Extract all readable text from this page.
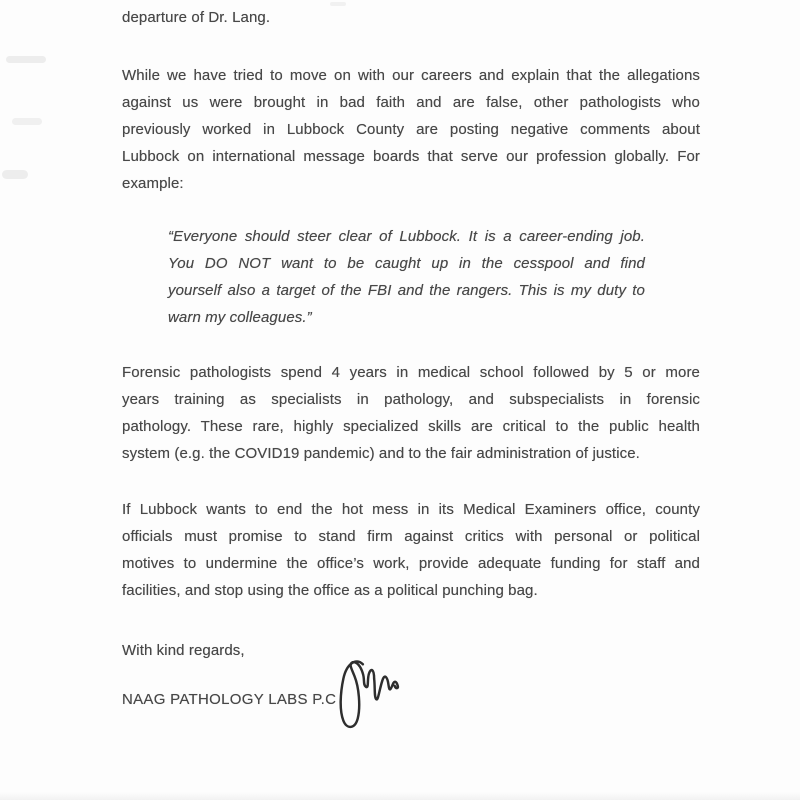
departure of Dr. Lang.
While we have tried to move on with our careers and explain that the allegations
against us were brought in bad faith and are false, other pathologists who
previously worked in Lubbock County are posting negative comments about
Lubbock on international message boards that serve our profession globally. For
example:
“Everyone should steer clear of Lubbock. It is a career-ending job.
You DO NOT want to be caught up in the cesspool and find
yourself also a target of the FBI and the rangers. This is my duty to
warn my colleagues.”
Forensic pathologists spend 4 years in medical school followed by 5 or more
years training as specialists in pathology, and subspecialists in forensic
pathology. These rare, highly specialized skills are critical to the public health
system (e.g. the COVID19 pandemic) and to the fair administration of justice.
If Lubbock wants to end the hot mess in its Medical Examiners office, county
officials must promise to stand firm against critics with personal or political
motives to undermine the office’s work, provide adequate funding for staff and
facilities, and stop using the office as a political punching bag.
With kind regards,
NAAG PATHOLOGY LABS P.C
